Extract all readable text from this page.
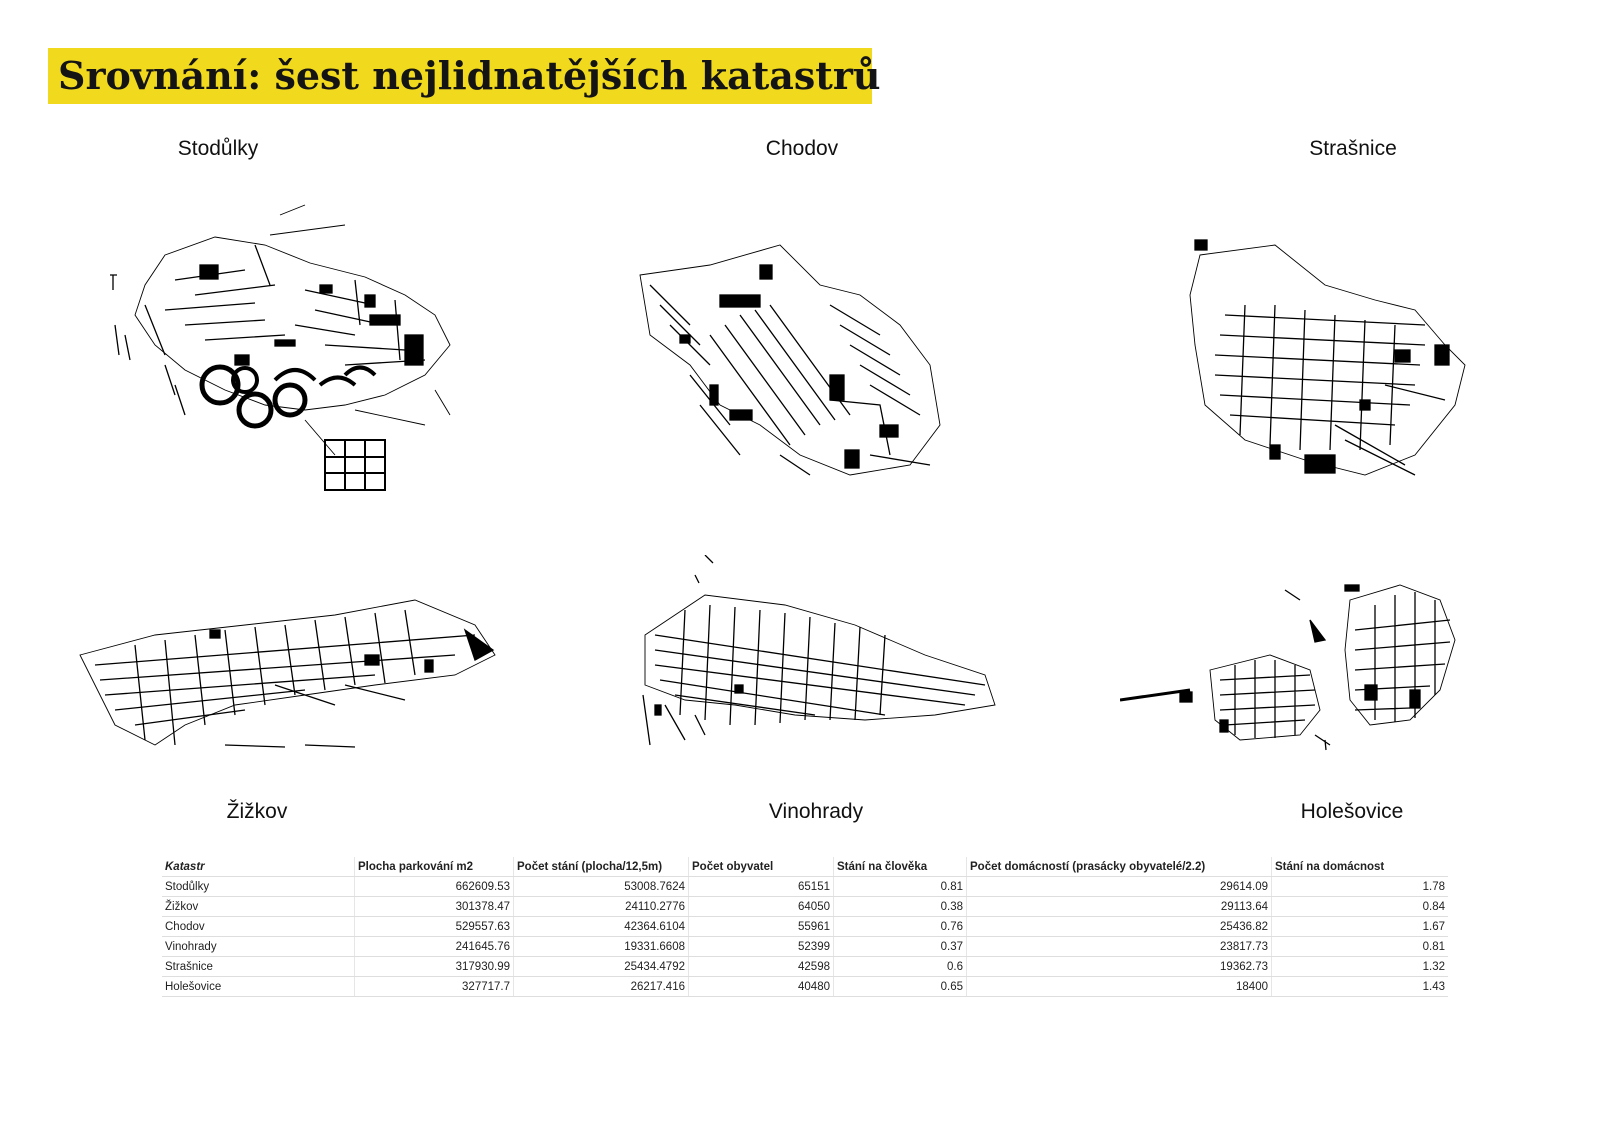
Srovnání: šest nejlidnatějších katastrů
Stodůlky	Chodov	Strašnice
Žižkov	Vinohrady	Holešovice
Katastr	Plocha parkování m2	Počet stání (plocha/12,5m)	Počet obyvatel	Stání na člověka	Počet domácností (prasácky obyvatelé/2.2)	Stání na domácnost
Stodůlky	662609.53	53008.7624	65151	0.81	29614.09	1.78
Žižkov	301378.47	24110.2776	64050	0.38	29113.64	0.84
Chodov	529557.63	42364.6104	55961	0.76	25436.82	1.67
Vinohrady	241645.76	19331.6608	52399	0.37	23817.73	0.81
Strašnice	317930.99	25434.4792	42598	0.6	19362.73	1.32
Holešovice	327717.7	26217.416	40480	0.65	18400	1.43
